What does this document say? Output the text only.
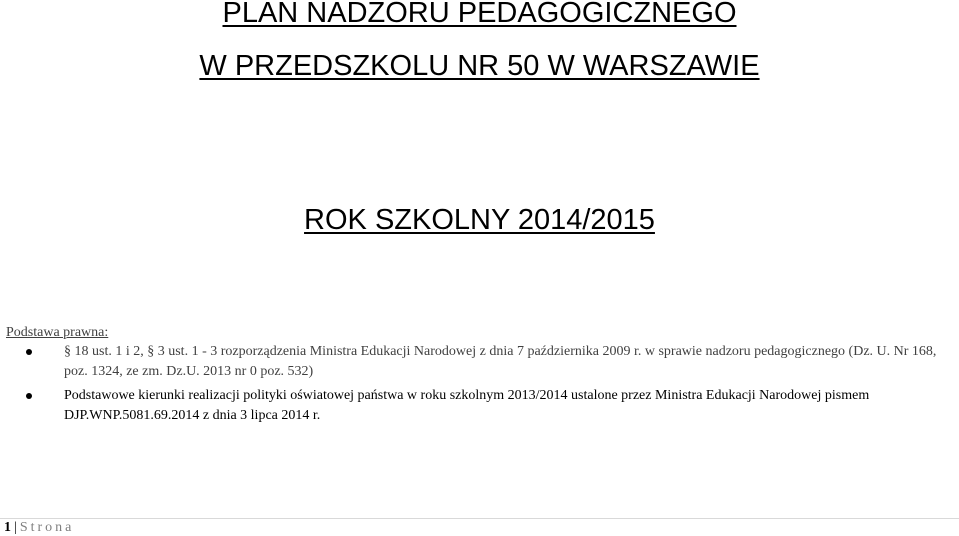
PLAN NADZORU PEDAGOGICZNEGO
W PRZEDSZKOLU NR 50 W WARSZAWIE
ROK SZKOLNY 2014/2015
Podstawa prawna:
§ 18 ust. 1 i 2, § 3 ust. 1 - 3 rozporządzenia Ministra Edukacji Narodowej z dnia 7 października 2009 r. w sprawie nadzoru pedagogicznego (Dz. U. Nr 168, poz. 1324, ze zm. Dz.U. 2013 nr 0 poz. 532)
Podstawowe kierunki realizacji polityki oświatowej państwa w roku szkolnym 2013/2014 ustalone przez Ministra Edukacji Narodowej pismem DJP.WNP.5081.69.2014 z dnia 3 lipca 2014 r.
1 | Strona
